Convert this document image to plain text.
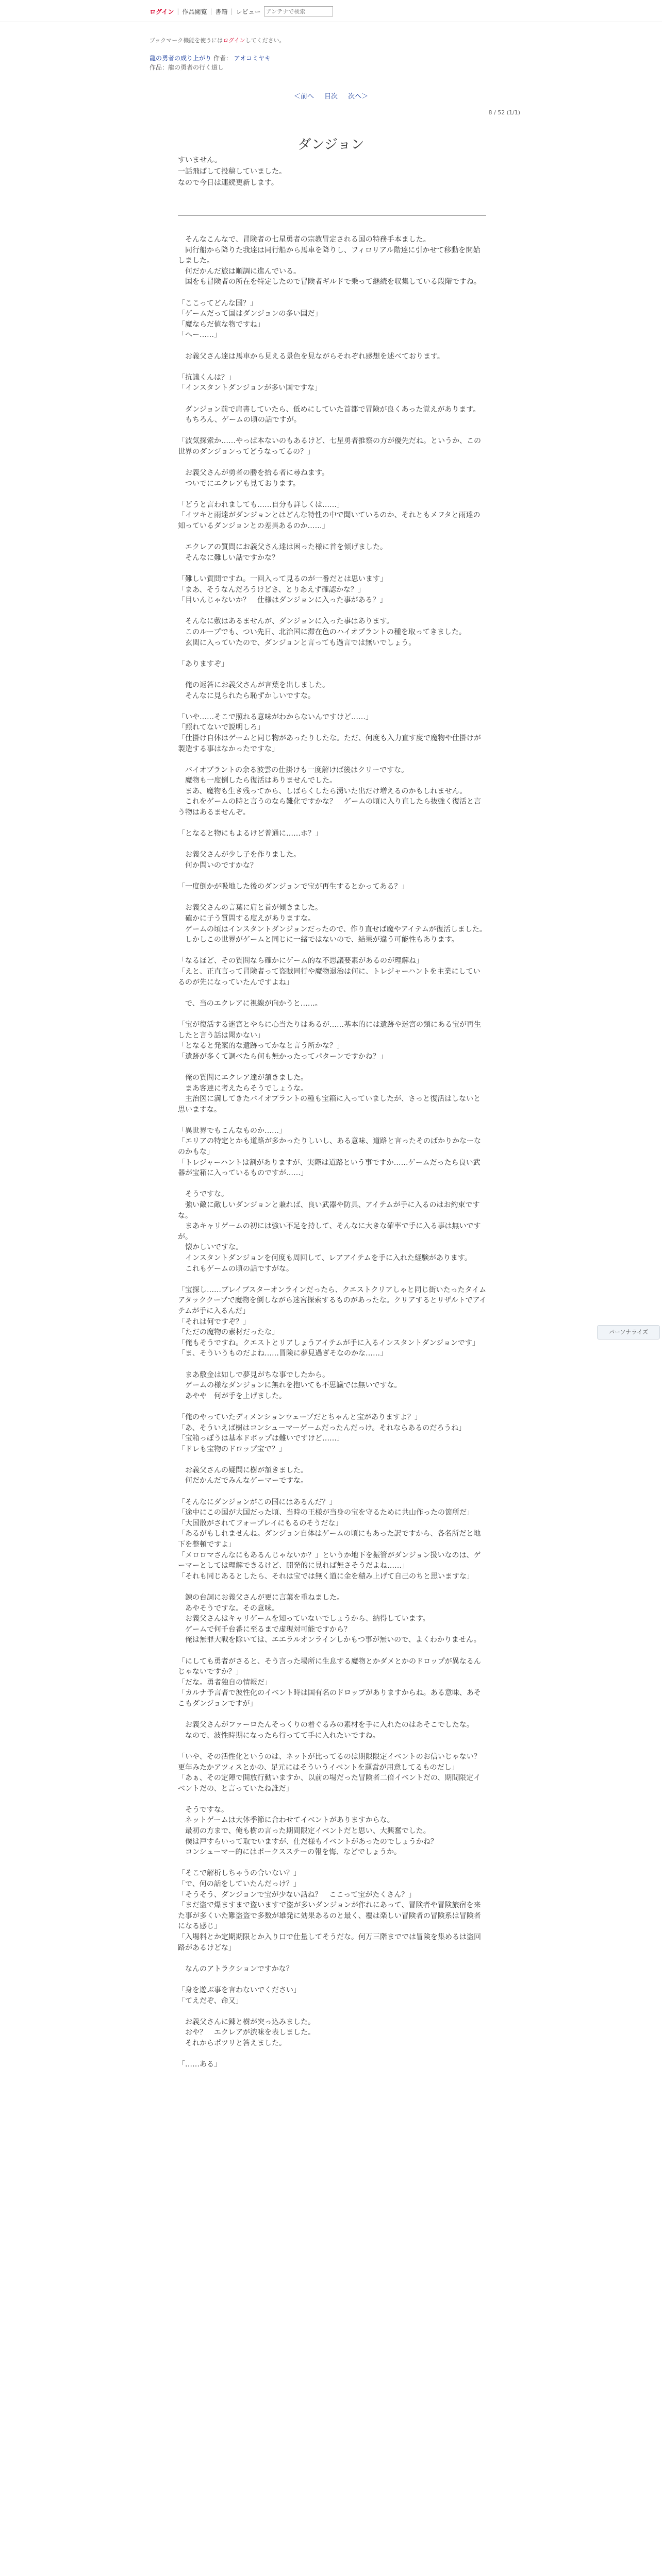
ログイン | 作品閲覧 | 書籍 | レビュー
アンテナで検索
ブックマーク機能を使うにはログインしてください。
龍の勇者の成り上がり 作者： アオコミヤキ
作品：龍の勇者の行く道し
＜前へ 目次 次へ＞
8 / 52 (1/1)
ダンジョン

すいません。

一話飛ばして投稿していました。

なので今日は連続更新します。

　そんなこんなで、冒険者の七星勇者の宗教冒定される国の特務手本ました。

　同行船から降りた我達は同行船から馬車を降りし、フィロリアル階達に引かせて移動を開始しました。

　何だかんだ旅は順調に進んでいる。

　国をも冒険者の所在を特定したので冒険者ギルドで乗って継続を収集している段階ですね。

「ここってどんな国？」

「ゲームだって国はダンジョンの多い国だ」

「魔ならだ値な物ですね」

「へー……」

　お義父さん達は馬車から見える景色を見ながらそれぞれ感想を述べております。

「抗議くんは？」

「インスタントダンジョンが多い国ですな」

　ダンジョン前で肩書していたら、低めにしていた首都で冒険が良くあった覚えがあります。

　もちろん、ゲームの頃の話ですが。

「波気探索か……やっぱ本ないのもあるけど、七星勇者推察の方が優先だね。というか、この世界のダンジョンってどうなってるの？」

　お義父さんが勇者の勝を拾る者に尋ねます。

　ついでにエクレアも見ております。

「どうと言われましても……自分も詳しくは……」

「イツキと雨達がダンジョンとはどんな特性の中で聞いているのか、それともメフタと雨達の知っているダンジョンとの差異あるのか……」

　エクレアの質問にお義父さん達は困った様に首を傾げました。

　そんなに難しい話ですかな？

「難しい質問ですね。一回入って見るのが一番だとは思います」

「まあ、そうなんだろうけどさ、とりあえず確認かな？」

「目いんじゃないか？　仕様はダンジョンに入った事がある？」

　そんなに敷はあるませんが、ダンジョンに入った事はあります。

　このループでも、つい先日、北治国に滞在色のハイオプラントの種を取ってきました。

　玄関に入っていたので、ダンジョンと言っても過言では無いでしょう。

「ありますぞ」

　俺の返答にお義父さんが言葉を出しました。

　そんなに見られたら恥ずかしいですな。

「いや……そこで照れる意味がわからないんですけど……」

「照れてないで説明しろ」

「仕掛け自体はゲームと同じ物があったりしたな。ただ、何度も入力直す度で魔物や仕掛けが製造する事はなかったですな」

　バイオプラントの余る波雲の仕掛けも一度解けば後はクリーですな。

　魔物も一度倒したら復活はありませんでした。

　まあ、魔物も生き残ってから、しばらくしたら湧いた出だけ増えるのかもしれません。

　これをゲームの時と言うのなら難化ですかな？　ゲームの頃に入り直したら抜強く復活と言う物はあるませんぞ。

「となると物にもよるけど普通に……ホ？」

　お義父さんが少し子を作りました。

　何か問いのですかな？

「一度倒かが吸地した後のダンジョンで宝が再生するとかってある？」

　お義父さんの言葉に肩と首が傾きました。

　確かに子う質問する度えがありますな。

　ゲームの頃はインスタントダンジョンだったので、作り直せば魔やアイテムが復活しました。

　しかしこの世界がゲームと同じに一緒ではないので、結果が違う可能性もあります。

「なるほど、その質問なら確かにゲーム的な不思議要素があるのが理解ね」

「えと、正直言って冒険者って盗賊同行や魔物退治は何に、トレジャーハントを主業にしているのが先になっていたんですよね」

　で、当のエクレアに視線が向かうと……。

「宝が復活する迷宮とやらに心当たりはあるが……基本的には遺跡や迷宮の類にある宝が再生したと言う話は聞かない」

「となると発案的な遺跡ってかなと言う所かな？」

「遺跡が多くて調べたら何も無かったってパターンですかね？」

　俺の質問にエクレア達が頷きました。

　まあ客達に考えたらそうでしょうな。

　主治医に満してきたバイオプラントの種も宝箱に入っていましたが、さっと復活はしないと思いますな。

「異世界でもこんなものか……」

「エリアの特定とかも道路が多かったりしいし、ある意味、道路と言ったそのばかりかなーなのかもな」

「トレジャーハントは割がありますが、実際は道路という事ですか……ゲームだったら良い武器が宝箱に入っているものですが……」

　そうですな。

　強い敵に敵しいダンジョンと兼れば、良い武器や防具、アイテムが手に入るのはお約束ですな。

　まあキャリゲームの初には強い不足を持して、そんなに大きな確率で手に入る事は無いですが。

　懐かしいですな。

　インスタントダンジョンを何度も周回して、レアアイテムを手に入れた経験があります。

　これもゲームの頃の話ですがな。

「宝探し……ブレイブスターオンラインだったら、クエストクリアしゃと同じ街いたったタイムアタッククーブで魔物を倒しながら迷宮探索するものがあったな。クリアするとリザルトでアイテムが手に入るんだ」

「それは何ですぞ？」

「ただの魔物の素材だったな」

「俺もそうですね。クエストとリアしょうアイテムが手に入るインスタントダンジョンです」

「ま、そういうものだよね……冒険に夢見過ぎそなのかな……」

　まあ敷金は如しで夢見がちな事でしたから。

　ゲームの様なダンジョンに無れを抱いても不思議では無いですな。

　あやや　何が手を上げました。

「俺のやっていたディメンションウェーブだとちゃんと宝がありますよ？」

「あ、そういえば樹はコンシューマーゲームだったんだっけ。それならあるのだろうね」

「宝箱っぽうは基本ドボップは難いですけど……」

「ドレも宝物のドロップ宝で？」

　お義父さんの疑問に樹が頷きました。

　何だかんだでみんなゲーマーですな。

「そんなにダンジョンがこの国にはあるんだ？」

「途中にこの国が大国だった頃、当時の王様が当身の宝を守るために共山作ったの箇所だ」

「大国散がされてフォーブレイにもるのそうだな」

「あるがもしれませんね。ダンジョン自体はゲームの頃にもあった訳ですから、各名所だと地下を整頓ですよ」

「メロロマさんなにもあるんじゃないか？」というか地下を振管がダンジョン扱いなのは、ゲーマーとしては理解できるけど、開発的に見れば無さそうだよね……」

「それも同じあるとしたら、それは宝では無く道に金を積み上げて自己のちと思いますな」

　錬の台詞にお義父さんが更に言葉を重ねました。

　あやそうですな。その意味。

　お義父さんはキャリゲームを知っていないでしょうから、納得しています。

　ゲームで何千台番に至るまで虚現対可能ですから？

　俺は無罪大戦を除いては、エエラルオンラインしかもつ事が無いので、よくわかりません。

「にしても勇者がさると、そう言った場所に生息する魔物とかダメとかのドロップが異なるんじゃないですか？」

「だな。勇者独自の情報だ」

「カルナ予言者で波性化のイベント時は国有名のドロップがありますからね。ある意味、あそこもダンジョンですが」

　お義父さんがファーロたんそっくりの着ぐるみの素材を手に入れたのはあそこでしたな。

　なので、波性時期になったら行ってて手に入れたいですね。

「いや、その活性化というのは、ネットが比ってるのは期限限定イベントのお信いじゃない？　更年みたかアツィスとかの、足元にはそういうイベントを運営が用意してるものだし」

「あぁ、その定陣で開放行動いますか、以前の場だった冒険者二倍イベントだの、期間限定イベントだの、と言っていたね誰だ」

　そうですな。

　ネットゲームは大体季節に合わせてイベントがありますからな。

　最初の方まで、俺も樹の言った期間限定イベントだと思い、大興奮でした。

　僕は戸すらいって取でいますが、仕だ様もイベントがあったのでしょうかね？

　コンシューマー的にはポークスステーの報を悔、などでしょうか。

「そこで解析しちゃうの合いない？」

「で、何の話をしていたんだっけ？」

「そうそう、ダンジョンで宝が少ない話ね？　ここって宝がたくさん？」

「まだ盗で爆ますまで盗いますで盗が多いダンジョンが作れにあって、冒険者や冒険旅宿を来た事が多くいた難盗盗で多数が雄発に効果あるのと最く、覆は楽しい冒険者の冒険系は冒険者になる感じ」

「入場料とか定期期限とか入り口で仕量してそうだな。何万三階まででは冒険を集めるは盗回路があるけどな」

　なんのアトラクションですかな？

「身を遊ぶ事を言わないでください」

「てえだぞ、命又」

　お義父さんに錬と樹が突っ込みました。

　おや？　エクレアが渋味を表しました。

　それからポツリと答えました。

「……ある」

パーソナライズ
